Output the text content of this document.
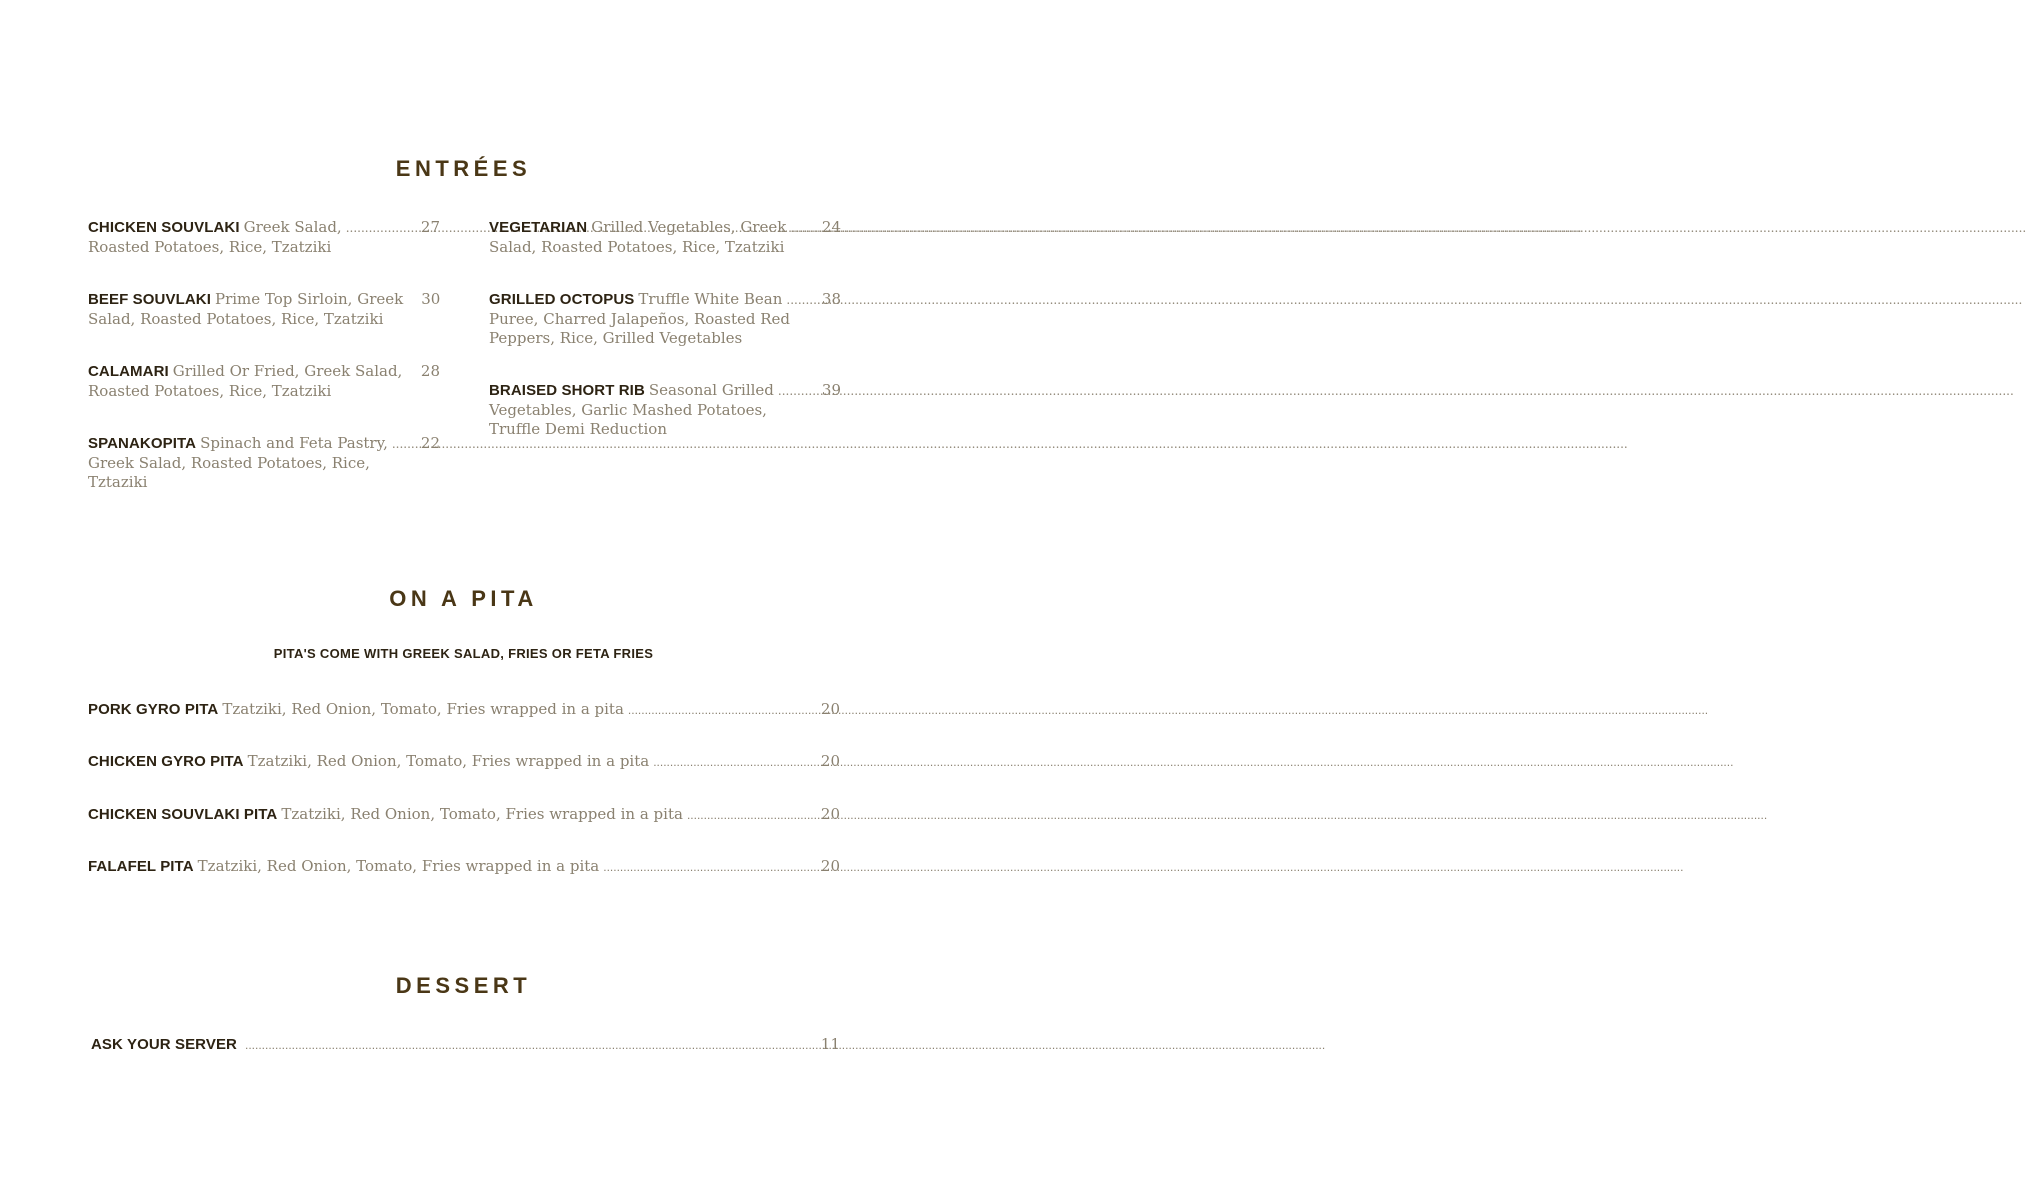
ENTRÉES
CHICKEN SOUVLAKI Greek Salad, .....	27
Roasted Potatoes, Rice, Tzatziki
BEEF SOUVLAKI Prime Top Sirloin, Greek 30
Salad, Roasted Potatoes, Rice, Tzatziki
CALAMARI Grilled Or Fried, Greek Salad, 28
Roasted Potatoes, Rice, Tzatziki
SPANAKOPITA Spinach and Feta Pastry, ..... 22
Greek Salad, Roasted Potatoes, Rice,
Tztaziki
VEGETARIAN Grilled Vegetables, Greek ..... 24
Salad, Roasted Potatoes, Rice, Tzatziki
GRILLED OCTOPUS Truffle White Bean .....	38
Puree, Charred Jalapeños, Roasted Red
Peppers, Rice, Grilled Vegetables
BRAISED SHORT RIB Seasonal Grilled .....	39
Vegetables, Garlic Mashed Potatoes,
Truffle Demi Reduction
ON A PITA
PITA'S COME WITH GREEK SALAD, FRIES OR FETA FRIES
PORK GYRO PITA Tzatziki, Red Onion, Tomato, Fries wrapped in a pita .....	20
CHICKEN GYRO PITA Tzatziki, Red Onion, Tomato, Fries wrapped in a pita .....	20
CHICKEN SOUVLAKI PITA Tzatziki, Red Onion, Tomato, Fries wrapped in a pita .....	20
FALAFEL PITA Tzatziki, Red Onion, Tomato, Fries wrapped in a pita .....	20
DESSERT
ASK YOUR SERVER .....	11
